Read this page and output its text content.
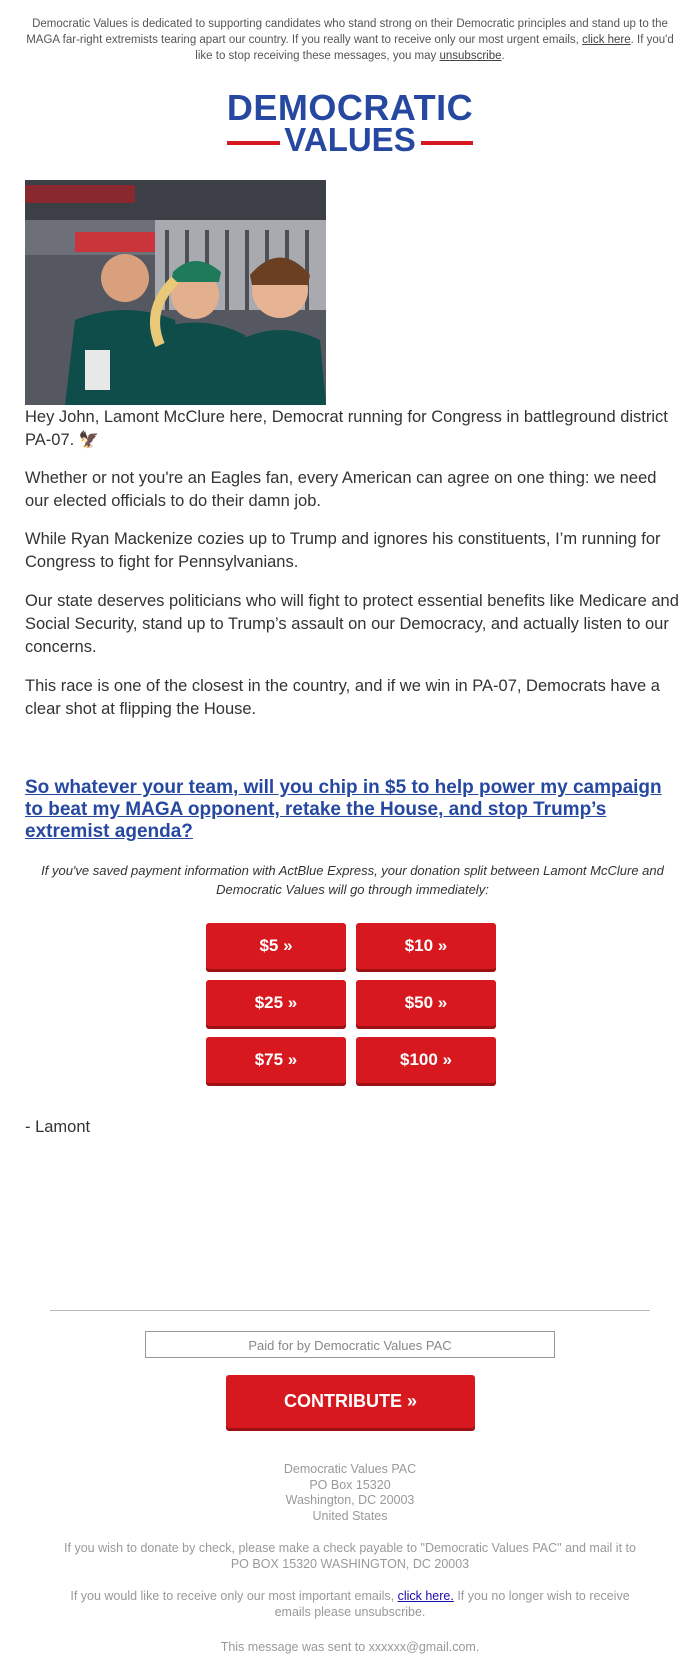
Democratic Values is dedicated to supporting candidates who stand strong on their Democratic principles and stand up to the MAGA far-right extremists tearing apart our country. If you really want to receive only our most urgent emails, click here. If you'd like to stop receiving these messages, you may unsubscribe.
DEMOCRATIC
VALUES

Hey John, Lamont McClure here, Democrat running for Congress in battleground district PA-07. 🦅

Whether or not you're an Eagles fan, every American can agree on one thing: we need our elected officials to do their damn job.

While Ryan Mackenize cozies up to Trump and ignores his constituents, I’m running for Congress to fight for Pennsylvanians.

Our state deserves politicians who will fight to protect essential benefits like Medicare and Social Security, stand up to Trump’s assault on our Democracy, and actually listen to our concerns.

This race is one of the closest in the country, and if we win in PA-07, Democrats have a clear shot at flipping the House.

So whatever your team, will you chip in $5 to help power my campaign to beat my MAGA opponent, retake the House, and stop Trump’s extremist agenda?
If you've saved payment information with ActBlue Express, your donation split between Lamont McClure and Democratic Values will go through immediately:
$5 »	$10 »
$25 »	$50 »
$75 »	$100 »
- Lamont
Paid for by Democratic Values PAC
CONTRIBUTE »
Democratic Values PAC
PO Box 15320
Washington, DC 20003
United States
If you wish to donate by check, please make a check payable to "Democratic Values PAC" and mail it to PO BOX 15320 WASHINGTON, DC 20003
If you would like to receive only our most important emails, click here. If you no longer wish to receive emails please unsubscribe.
This message was sent to xxxxxx@gmail.com.
